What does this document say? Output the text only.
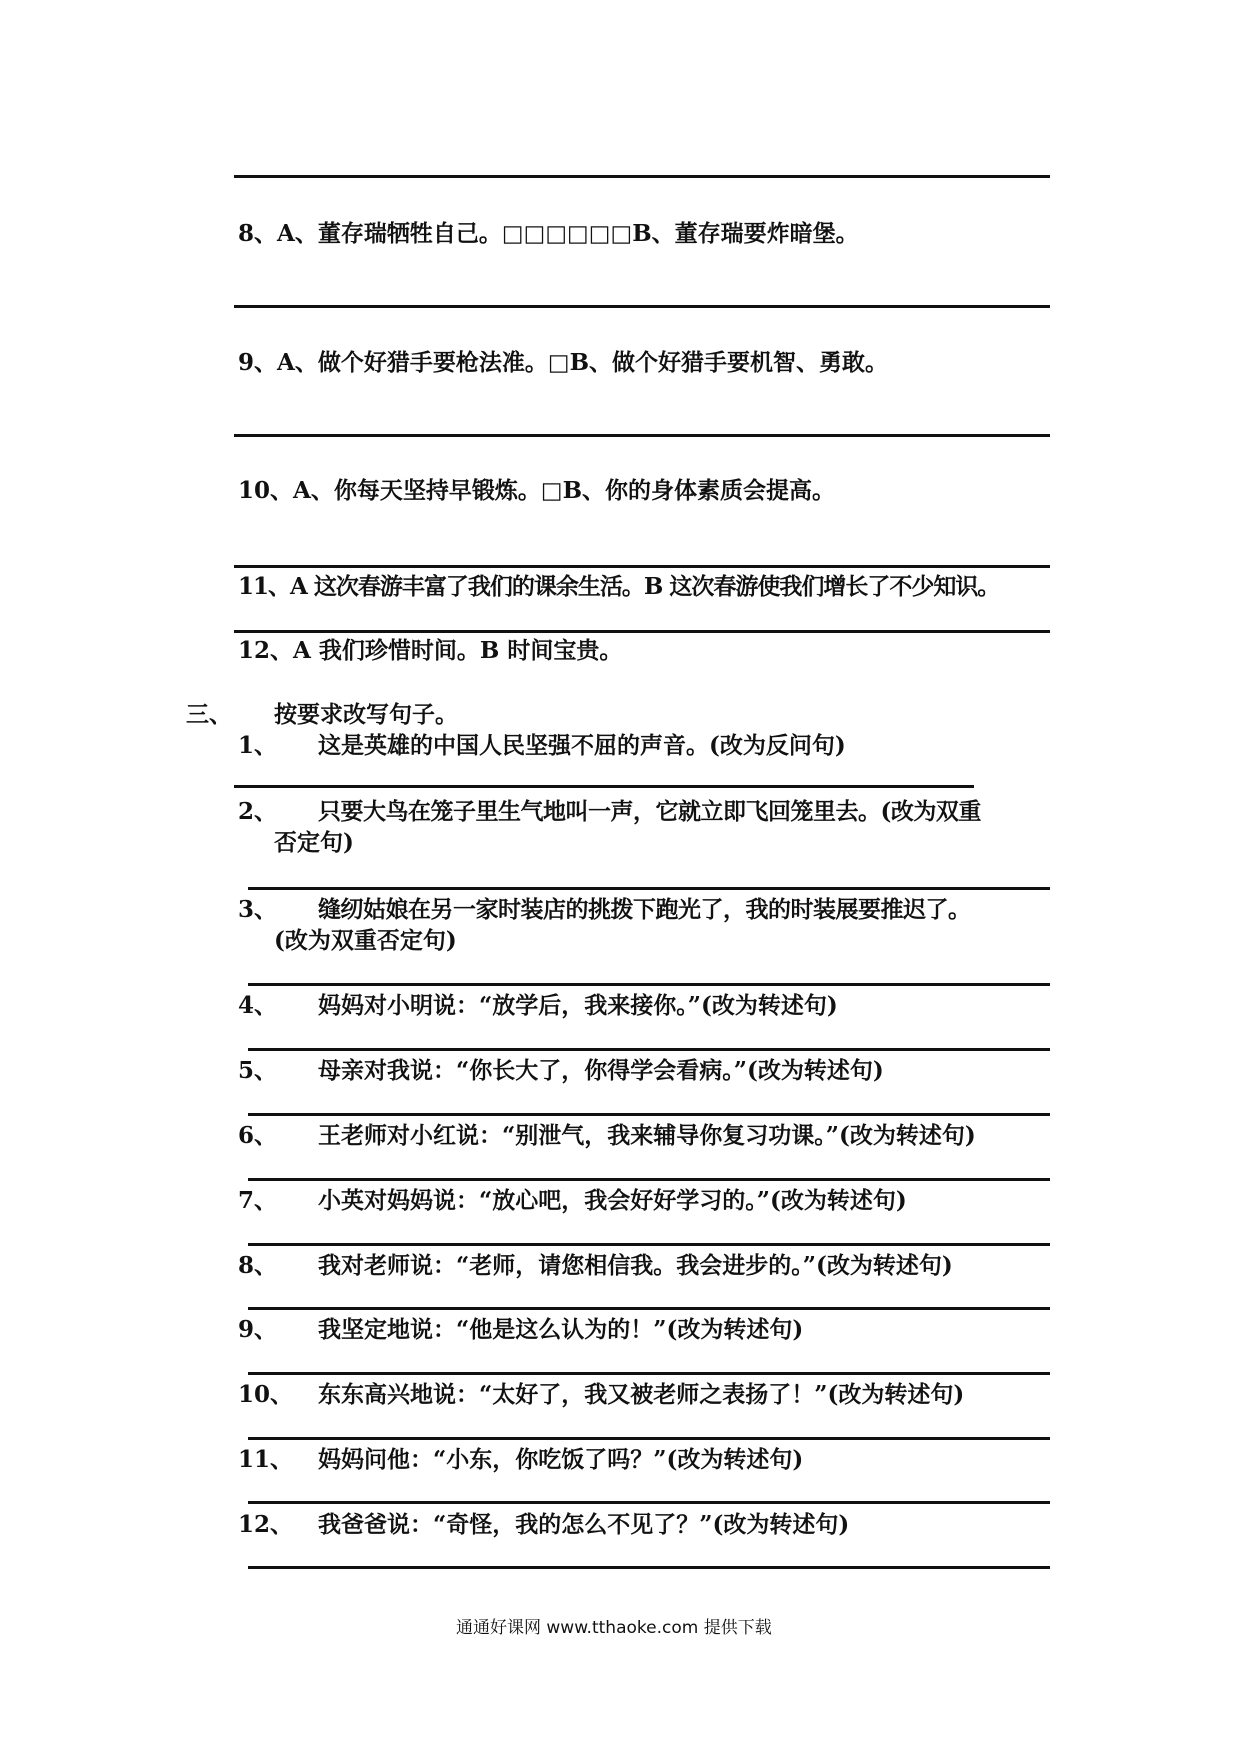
8、A、董存瑞牺牲自己。□□□□□□B、董存瑞要炸暗堡。
9、A、做个好猎手要枪法准。□B、做个好猎手要机智、勇敢。
10、A、你每天坚持早锻炼。□B、你的身体素质会提高。
11、A 这次春游丰富了我们的课余生活。B 这次春游使我们增长了不少知识。
12、A 我们珍惜时间。B 时间宝贵。
三、 按要求改写句子。
1、 这是英雄的中国人民坚强不屈的声音。(改为反问句)
2、 只要大鸟在笼子里生气地叫一声，它就立即飞回笼里去。(改为双重
否定句)
3、 缝纫姑娘在另一家时装店的挑拨下跑光了，我的时装展要推迟了。
(改为双重否定句)
4、 妈妈对小明说：“放学后，我来接你。”(改为转述句)
5、 母亲对我说：“你长大了，你得学会看病。”(改为转述句)
6、 王老师对小红说：“别泄气，我来辅导你复习功课。”(改为转述句)
7、 小英对妈妈说：“放心吧，我会好好学习的。”(改为转述句)
8、 我对老师说：“老师，请您相信我。我会进步的。”(改为转述句)
9、 我坚定地说：“他是这么认为的！”(改为转述句)
10、 东东高兴地说：“太好了，我又被老师之表扬了！”(改为转述句)
11、 妈妈问他：“小东，你吃饭了吗？”(改为转述句)
12、 我爸爸说：“奇怪，我的怎么不见了？”(改为转述句)
通通好课网 www.tthaoke.com 提供下载
